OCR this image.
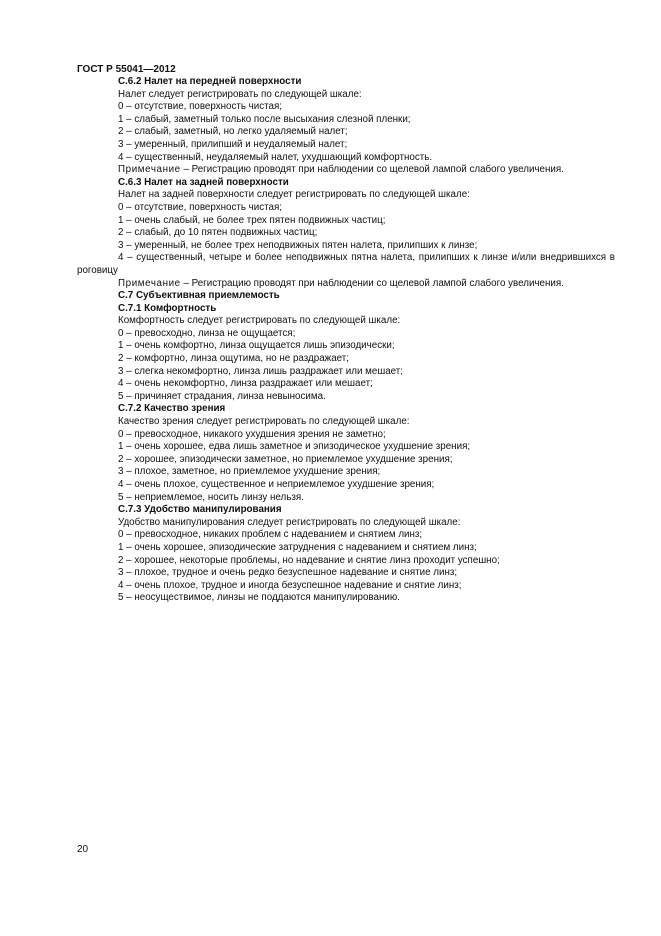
ГОСТ Р 55041—2012

С.6.2 Налет на передней поверхности

Налет следует регистрировать по следующей шкале:

0 – отсутствие, поверхность чистая;

1 – слабый, заметный только после высыхания слезной пленки;

2 – слабый, заметный, но легко удаляемый налет;

3 – умеренный, прилипший и неудаляемый налет;

4 – существенный, неудаляемый налет, ухудшающий комфортность.

Примечание – Регистрацию проводят при наблюдении со щелевой лампой слабого увеличения.

С.6.3 Налет на задней поверхности

Налет на задней поверхности следует регистрировать по следующей шкале:

0 – отсутствие, поверхность чистая;

1 – очень слабый, не более трех пятен подвижных частиц;

2 – слабый, до 10 пятен подвижных частиц;

3 – умеренный, не более трех неподвижных пятен налета, прилипших к линзе;

4 – существенный, четыре и более неподвижных пятна налета, прилипших к линзе и/или внедрившихся в роговицу

Примечание – Регистрацию проводят при наблюдении со щелевой лампой слабого увеличения.

С.7 Субъективная приемлемость

С.7.1 Комфортность

Комфортность следует регистрировать по следующей шкале:

0 – превосходно, линза не ощущается;

1 – очень комфортно, линза ощущается лишь эпизодически;

2 – комфортно, линза ощутима, но не раздражает;

3 – слегка некомфортно, линза лишь раздражает или мешает;

4 – очень некомфортно, линза раздражает или мешает;

5 – причиняет страдания, линза невыносима.

С.7.2 Качество зрения

Качество зрения следует регистрировать по следующей шкале:

0 – превосходное, никакого ухудшения зрения не заметно;

1 – очень хорошее, едва лишь заметное и эпизодическое ухудшение зрения;

2 – хорошее, эпизодически заметное, но приемлемое ухудшение зрения;

3 – плохое, заметное, но приемлемое ухудшение зрения;

4 – очень плохое, существенное и неприемлемое ухудшение зрения;

5 – неприемлемое, носить линзу нельзя.

С.7.3 Удобство манипулирования

Удобство манипулирования следует регистрировать по следующей шкале:

0 – превосходное, никаких проблем с надеванием и снятием линз;

1 – очень хорошее, эпизодические затруднения с надеванием и снятием линз;

2 – хорошее, некоторые проблемы, но надевание и снятие линз проходит успешно;

3 – плохое, трудное и очень редко безуспешное надевание и снятие линз;

4 – очень плохое, трудное и иногда безуспешное надевание и снятие линз;

5 – неосуществимое, линзы не поддаются манипулированию.

20
